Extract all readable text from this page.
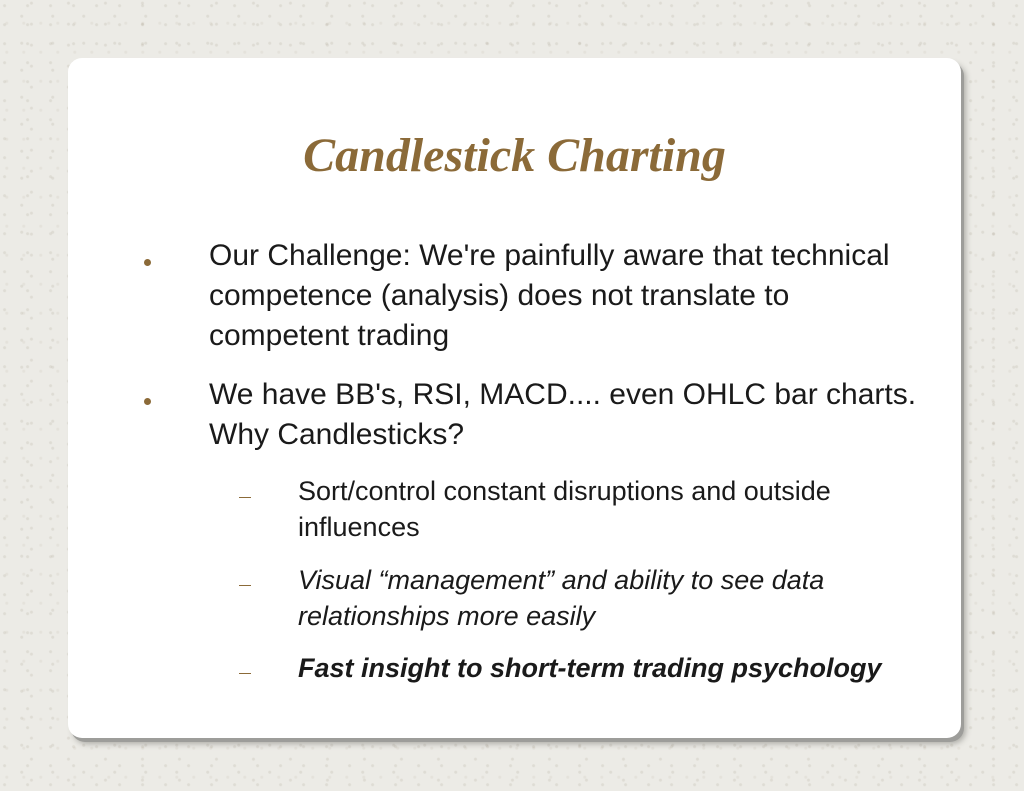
Candlestick Charting
Our Challenge: We're painfully aware that technical competence (analysis) does not translate to competent trading
We have BB's, RSI, MACD.... even OHLC bar charts. Why Candlesticks?
Sort/control constant disruptions and outside influences
Visual “management” and ability to see data relationships more easily
Fast insight to short-term trading psychology
